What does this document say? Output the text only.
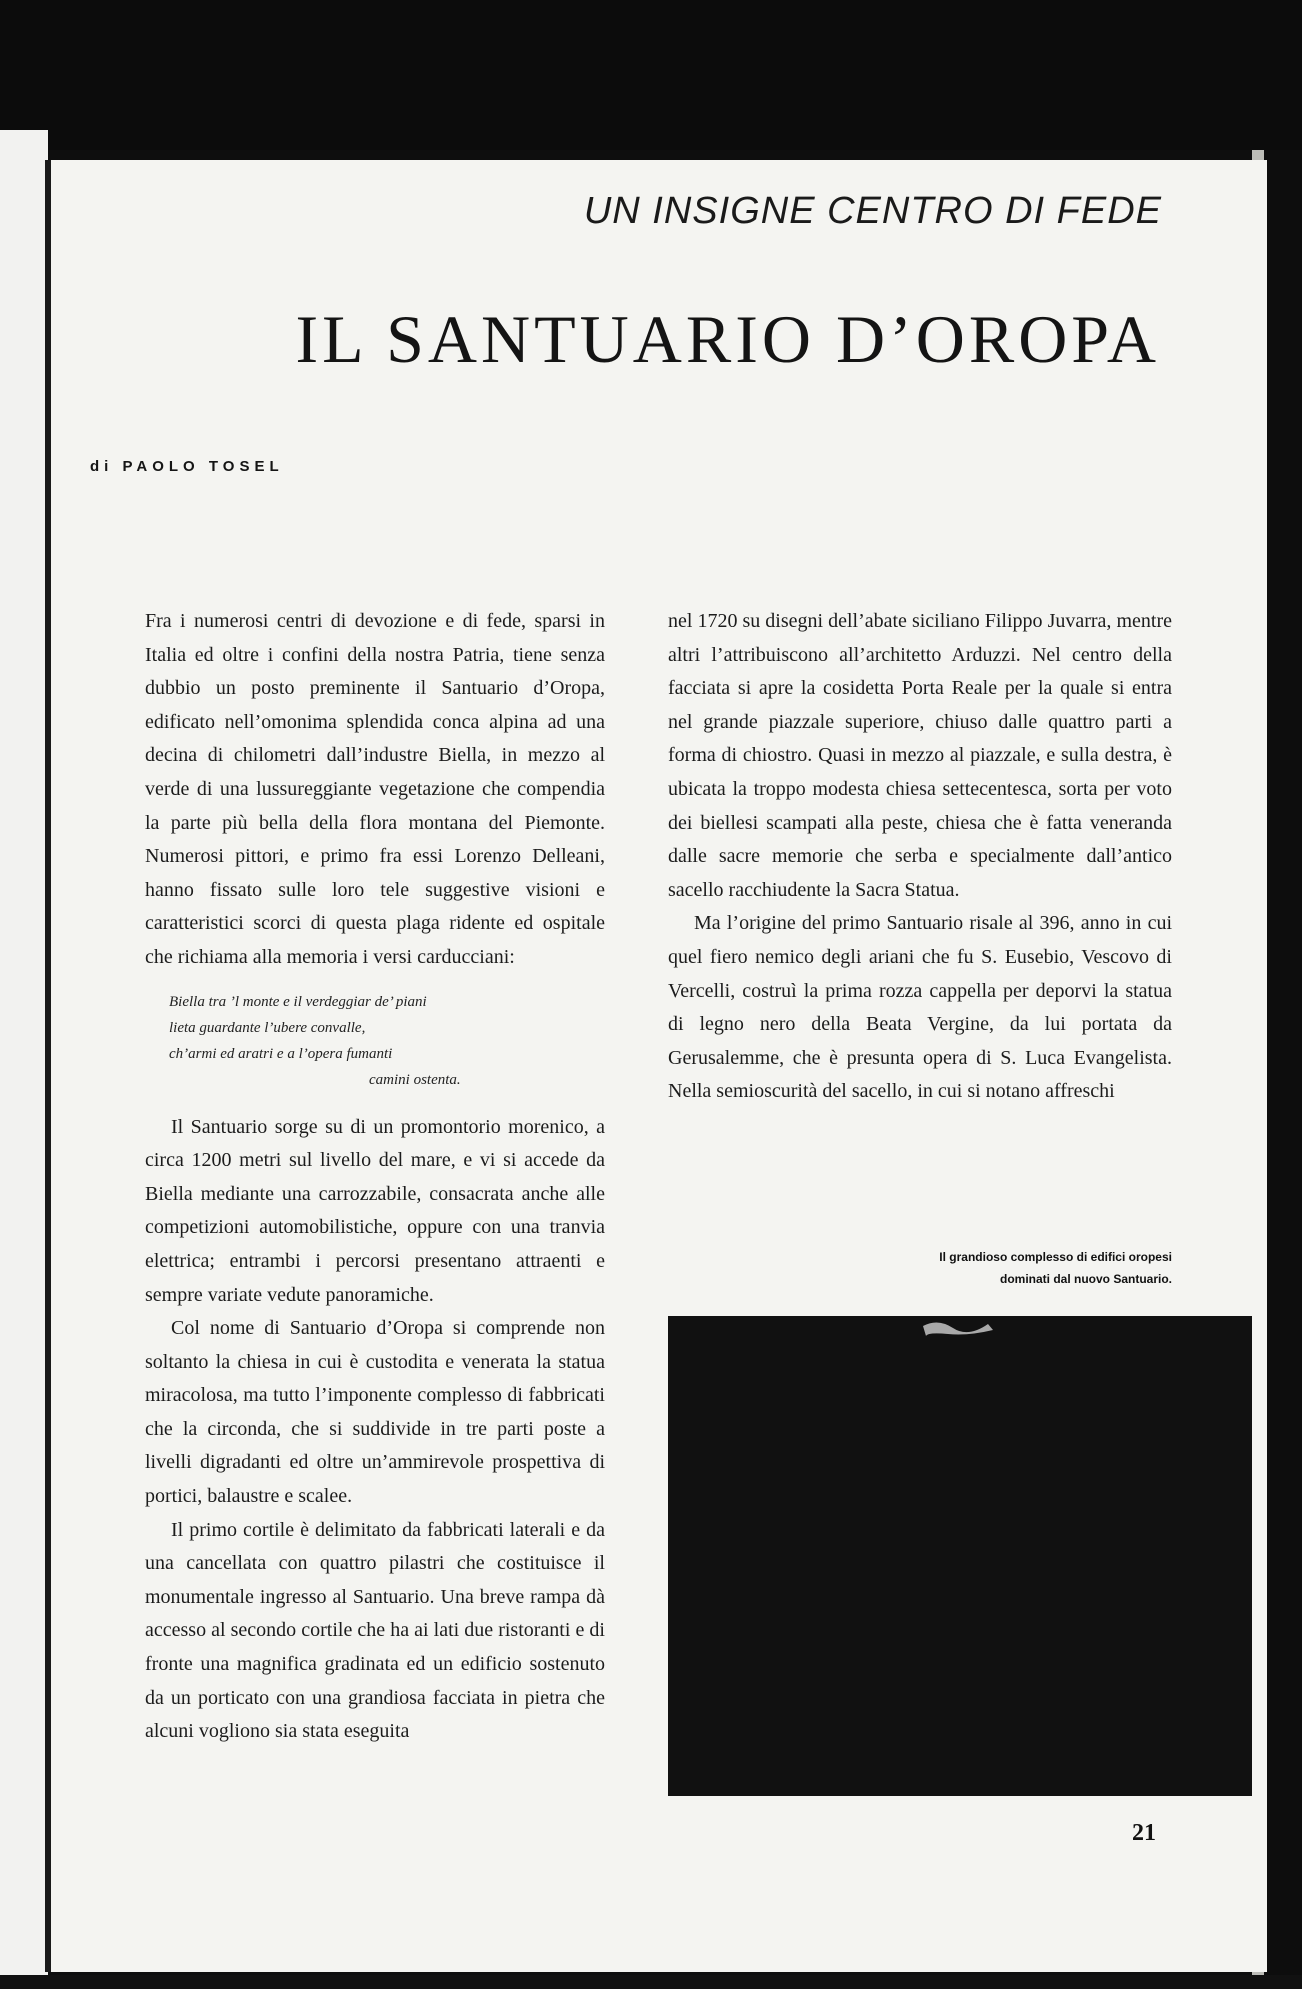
UN INSIGNE CENTRO DI FEDE
IL SANTUARIO D’OROPA
di PAOLO TOSEL

Fra i numerosi centri di devozione e di fede, sparsi in Italia ed oltre i confini della nostra Patria, tiene senza dubbio un posto preminente il Santuario d’Oropa, edificato nell’omonima splendida conca alpina ad una decina di chilometri dall’industre Biella, in mezzo al verde di una lussureggiante vegetazione che compendia la parte più bella della flora montana del Piemonte. Numerosi pittori, e primo fra essi Lorenzo Delleani, hanno fissato sulle loro tele suggestive visioni e caratteristici scorci di questa plaga ridente ed ospitale che richiama alla memoria i versi carducciani:

Biella tra ’l monte e il verdeggiar de’ piani
lieta guardante l’ubere convalle,
ch’armi ed aratri e a l’opera fumanti
camini ostenta.

Il Santuario sorge su di un promontorio morenico, a circa 1200 metri sul livello del mare, e vi si accede da Biella mediante una carrozzabile, consacrata anche alle competizioni automobilistiche, oppure con una tranvia elettrica; entrambi i percorsi presentano attraenti e sempre variate vedute panoramiche.

Col nome di Santuario d’Oropa si comprende non soltanto la chiesa in cui è custodita e venerata la statua miracolosa, ma tutto l’imponente complesso di fabbricati che la circonda, che si suddivide in tre parti poste a livelli digradanti ed oltre un’ammirevole prospettiva di portici, balaustre e scalee.

Il primo cortile è delimitato da fabbricati laterali e da una cancellata con quattro pilastri che costituisce il monumentale ingresso al Santuario. Una breve rampa dà accesso al secondo cortile che ha ai lati due ristoranti e di fronte una magnifica gradinata ed un edificio sostenuto da un porticato con una grandiosa facciata in pietra che alcuni vogliono sia stata eseguita

nel 1720 su disegni dell’abate siciliano Filippo Juvarra, mentre altri l’attribuiscono all’architetto Arduzzi. Nel centro della facciata si apre la cosidetta Porta Reale per la quale si entra nel grande piazzale superiore, chiuso dalle quattro parti a forma di chiostro. Quasi in mezzo al piazzale, e sulla destra, è ubicata la troppo modesta chiesa settecentesca, sorta per voto dei biellesi scampati alla peste, chiesa che è fatta veneranda dalle sacre memorie che serba e specialmente dall’antico sacello racchiudente la Sacra Statua.

Ma l’origine del primo Santuario risale al 396, anno in cui quel fiero nemico degli ariani che fu S. Eusebio, Vescovo di Vercelli, costruì la prima rozza cappella per deporvi la statua di legno nero della Beata Vergine, da lui portata da Gerusalemme, che è presunta opera di S. Luca Evangelista. Nella semioscurità del sacello, in cui si notano affreschi

Il grandioso complesso di edifici oropesi dominati dal nuovo Santuario.
21
